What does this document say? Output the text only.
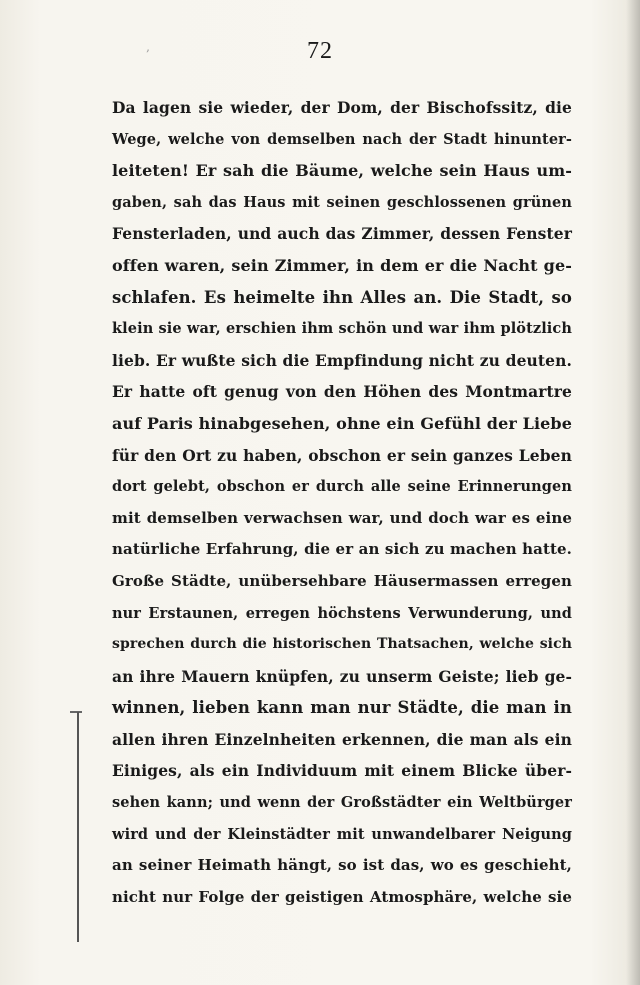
‚	72
Da lagen sie wieder, der Dom, der Bischofssitz, die
Wege, welche von demselben nach der Stadt hinunter-
leiteten! Er sah die Bäume, welche sein Haus um-
gaben, sah das Haus mit seinen geschlossenen grünen
Fensterladen, und auch das Zimmer, dessen Fenster
offen waren, sein Zimmer, in dem er die Nacht ge-
schlafen. Es heimelte ihn Alles an. Die Stadt, so
klein sie war, erschien ihm schön und war ihm plötzlich
lieb. Er wußte sich die Empfindung nicht zu deuten.
Er hatte oft genug von den Höhen des Montmartre
auf Paris hinabgesehen, ohne ein Gefühl der Liebe
für den Ort zu haben, obschon er sein ganzes Leben
dort gelebt, obschon er durch alle seine Erinnerungen
mit demselben verwachsen war, und doch war es eine
natürliche Erfahrung, die er an sich zu machen hatte.
Große Städte, unübersehbare Häusermassen erregen
nur Erstaunen, erregen höchstens Verwunderung, und
sprechen durch die historischen Thatsachen, welche sich
an ihre Mauern knüpfen, zu unserm Geiste; lieb ge-
winnen, lieben kann man nur Städte, die man in
allen ihren Einzelnheiten erkennen, die man als ein
Einiges, als ein Individuum mit einem Blicke über-
sehen kann; und wenn der Großstädter ein Weltbürger
wird und der Kleinstädter mit unwandelbarer Neigung
an seiner Heimath hängt, so ist das, wo es geschieht,
nicht nur Folge der geistigen Atmosphäre, welche sie
